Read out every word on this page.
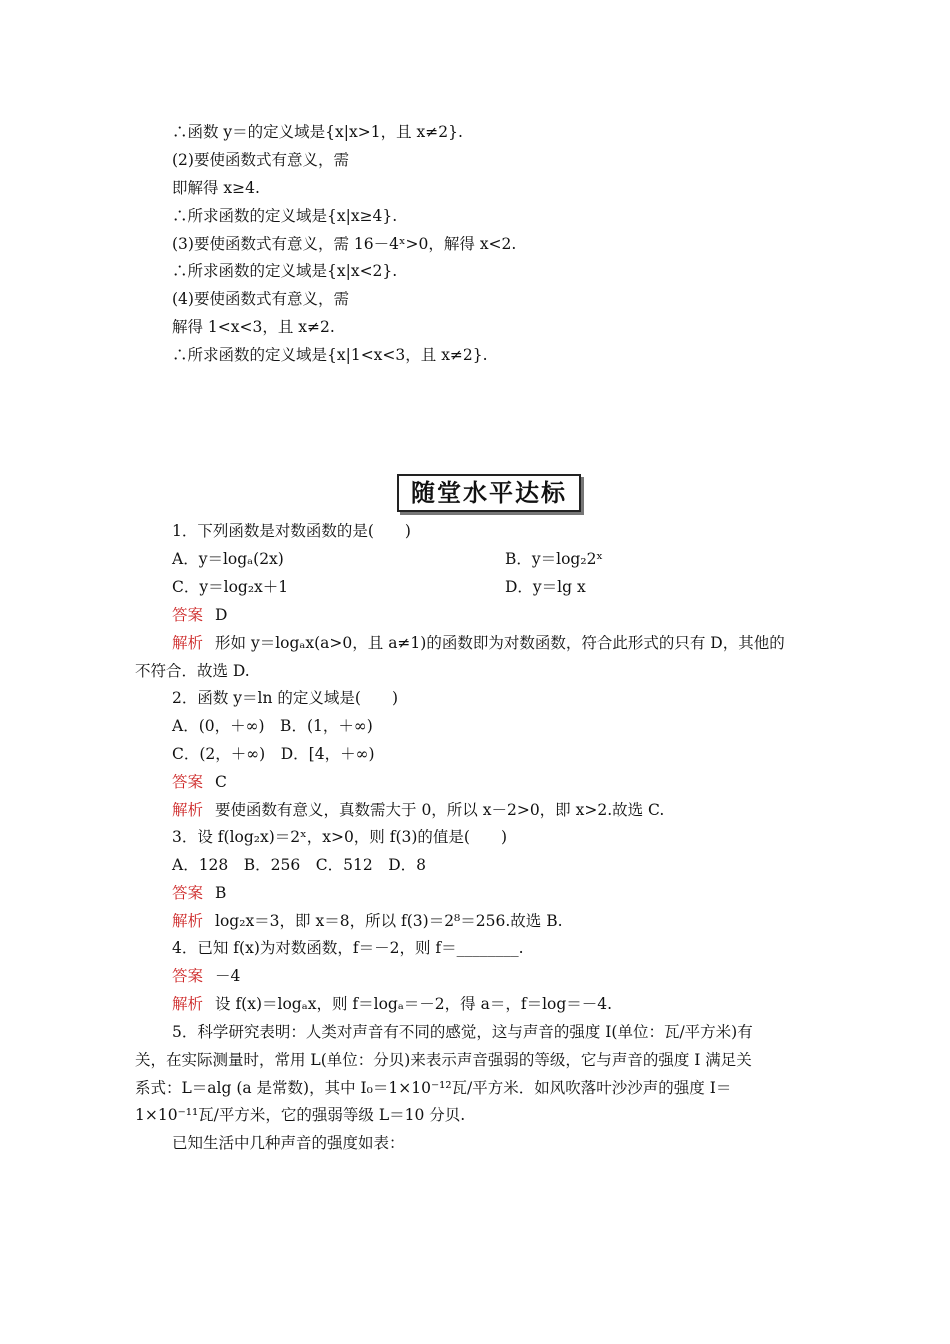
∴函数 y＝的定义域是{x|x>1，且 x≠2}.
(2)要使函数式有意义，需
即解得 x≥4.
∴所求函数的定义域是{x|x≥4}.
(3)要使函数式有意义，需 16－4ˣ>0，解得 x<2.
∴所求函数的定义域是{x|x<2}.
(4)要使函数式有意义，需
解得 1<x<3，且 x≠2.
∴所求函数的定义域是{x|1<x<3，且 x≠2}.
随堂水平达标
1．下列函数是对数函数的是(　　)
A．y＝logₐ(2x)	B．y＝log₂2ˣ
C．y＝log₂x＋1	D．y＝lg x
答案 D
解析 形如 y＝logₐx(a>0，且 a≠1)的函数即为对数函数，符合此形式的只有 D，其他的
不符合．故选 D.
2．函数 y＝ln 的定义域是(　　)
A．(0，＋∞)　B．(1，＋∞)
C．(2，＋∞)　D．[4，＋∞)
答案 C
解析 要使函数有意义，真数需大于 0，所以 x－2>0，即 x>2.故选 C.
3．设 f(log₂x)＝2ˣ，x>0，则 f(3)的值是(　　)
A．128　B．256　C．512　D．8
答案 B
解析 log₂x＝3，即 x＝8，所以 f(3)＝2⁸＝256.故选 B.
4．已知 f(x)为对数函数，f＝－2，则 f＝________.
答案 －4
解析 设 f(x)＝logₐx，则 f＝logₐ＝－2，得 a＝，f＝log＝－4.
5．科学研究表明：人类对声音有不同的感觉，这与声音的强度 I(单位：瓦/平方米)有
关，在实际测量时，常用 L(单位：分贝)来表示声音强弱的等级，它与声音的强度 I 满足关
系式：L＝alg (a 是常数)，其中 I₀＝1×10⁻¹²瓦/平方米．如风吹落叶沙沙声的强度 I＝
1×10⁻¹¹瓦/平方米，它的强弱等级 L＝10 分贝.
已知生活中几种声音的强度如表：
